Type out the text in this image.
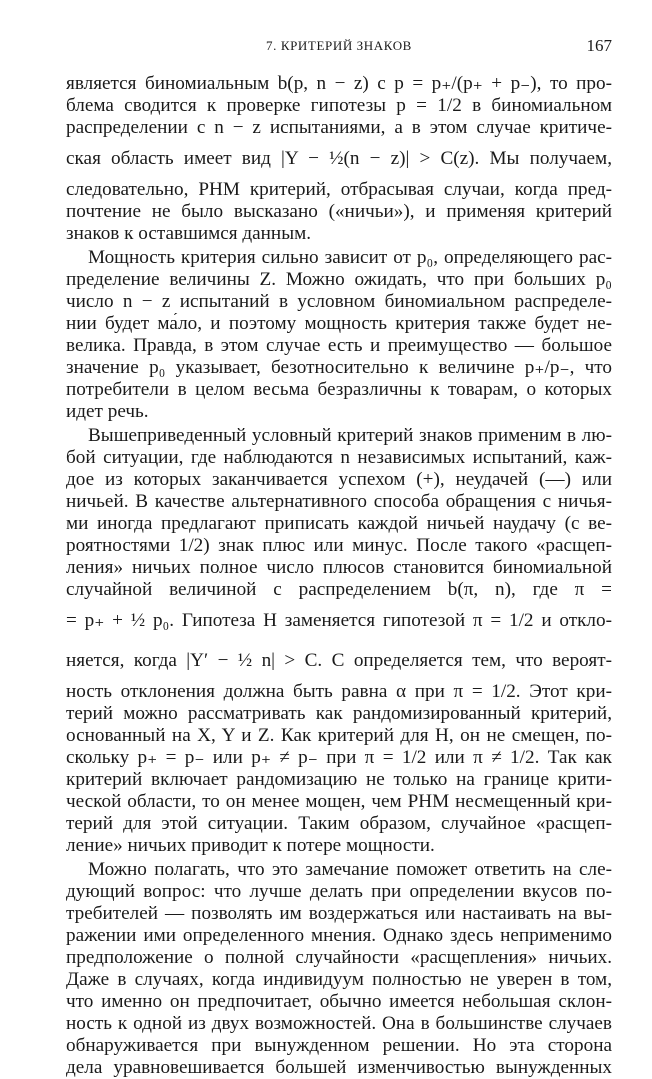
7. КРИТЕРИЙ ЗНАКОВ	167
является биномиальным b(p, n − z) с p = p₊/(p₊ + p₋), то про-
блема сводится к проверке гипотезы p = 1/2 в биномиальном
распределении с n − z испытаниями, а в этом случае критиче-
ская область имеет вид |Y − ½(n − z)| > C(z). Мы получаем,
следовательно, РНМ критерий, отбрасывая случаи, когда пред-
почтение не было высказано («ничьи»), и применяя критерий
знаков к оставшимся данным.
Мощность критерия сильно зависит от p₀, определяющего рас-
пределение величины Z. Можно ожидать, что при больших p₀
число n − z испытаний в условном биномиальном распределе-
нии будет ма́ло, и поэтому мощность критерия также будет не-
велика. Правда, в этом случае есть и преимущество — большое
значение p₀ указывает, безотносительно к величине p₊/p₋, что
потребители в целом весьма безразличны к товарам, о которых
идет речь.
Вышеприведенный условный критерий знаков применим в лю-
бой ситуации, где наблюдаются n независимых испытаний, каж-
дое из которых заканчивается успехом (+), неудачей (—) или
ничьей. В качестве альтернативного способа обращения с ничья-
ми иногда предлагают приписать каждой ничьей наудачу (с ве-
роятностями 1/2) знак плюс или минус. После такого «расщеп-
ления» ничьих полное число плюсов становится биномиальной
случайной величиной с распределением b(π, n), где π =
= p₊ + ½ p₀. Гипотеза H заменяется гипотезой π = 1/2 и откло-
няется, когда |Y′ − ½ n| > C. C определяется тем, что вероят-
ность отклонения должна быть равна α при π = 1/2. Этот кри-
терий можно рассматривать как рандомизированный критерий,
основанный на X, Y и Z. Как критерий для H, он не смещен, по-
скольку p₊ = p₋ или p₊ ≠ p₋ при π = 1/2 или π ≠ 1/2. Так как
критерий включает рандомизацию не только на границе крити-
ческой области, то он менее мощен, чем РНМ несмещенный кри-
терий для этой ситуации. Таким образом, случайное «расщеп-
ление» ничьих приводит к потере мощности.
Можно полагать, что это замечание поможет ответить на сле-
дующий вопрос: что лучше делать при определении вкусов по-
требителей — позволять им воздержаться или настаивать на вы-
ражении ими определенного мнения. Однако здесь неприменимо
предположение о полной случайности «расщепления» ничьих.
Даже в случаях, когда индивидуум полностью не уверен в том,
что именно он предпочитает, обычно имеется небольшая склон-
ность к одной из двух возможностей. Она в большинстве случаев
обнаруживается при вынужденном решении. Но эта сторона
дела уравновешивается большей изменчивостью вынужденных
